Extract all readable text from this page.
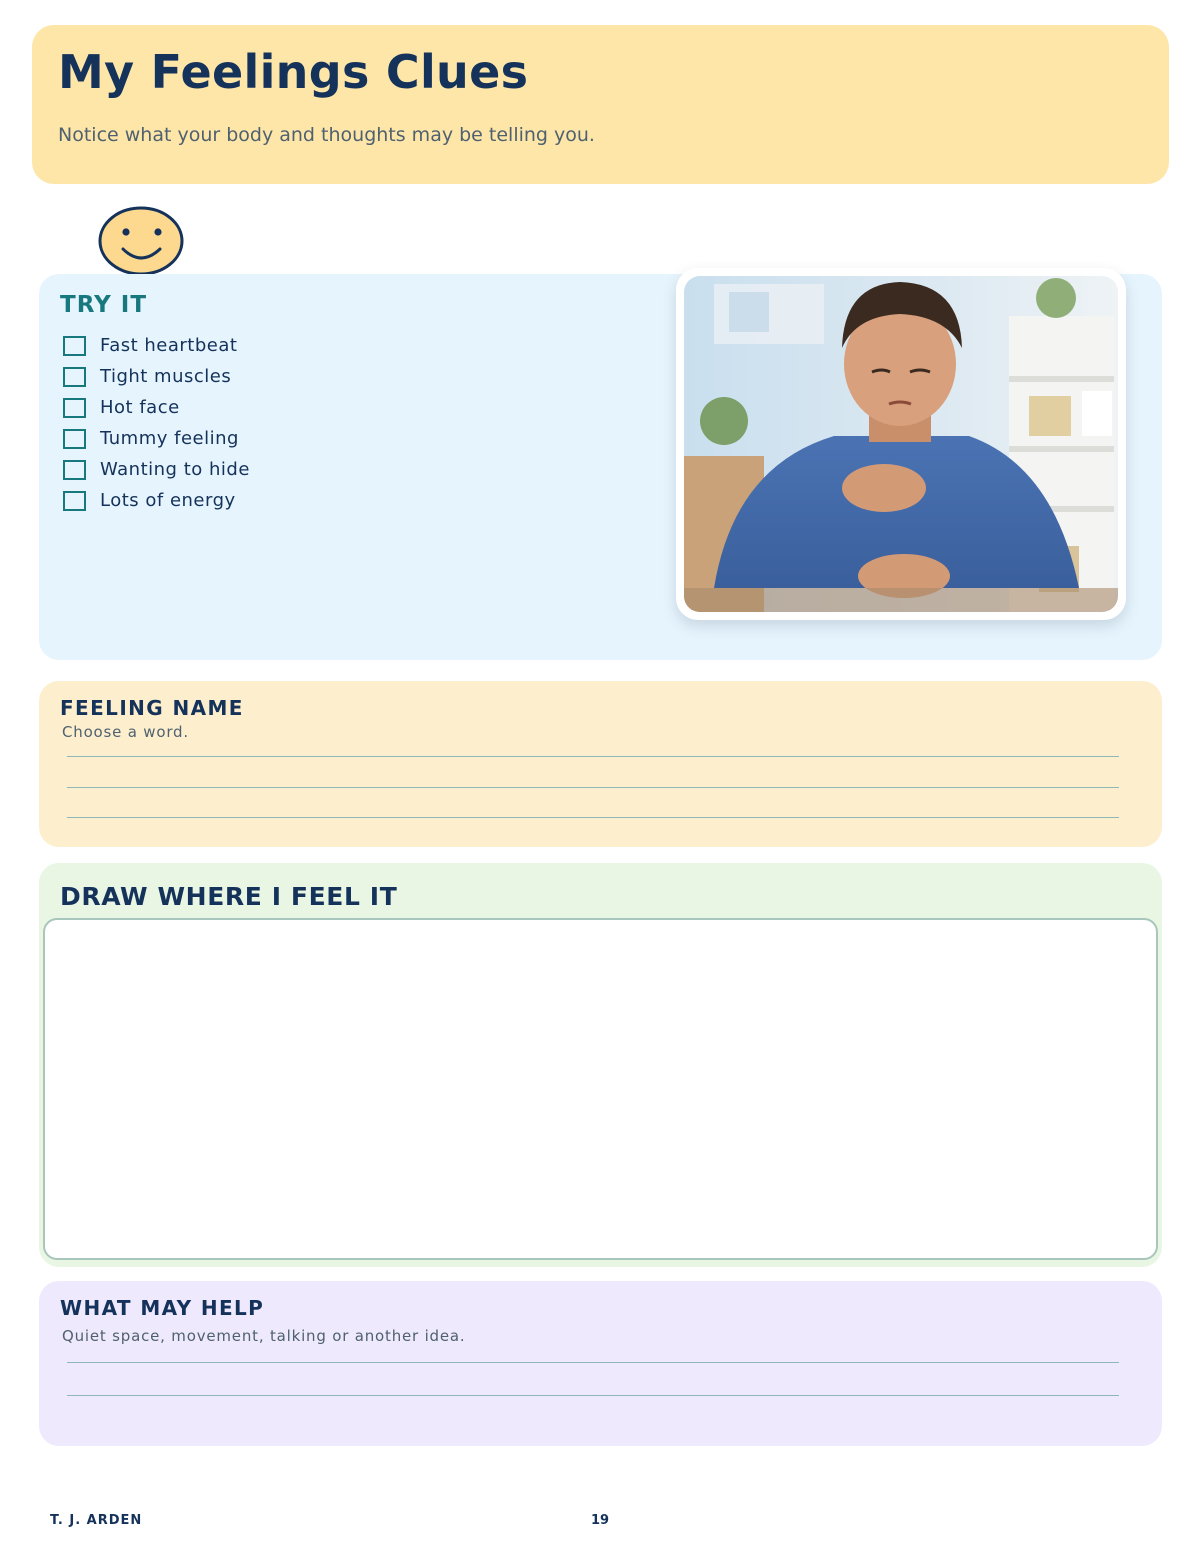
My Feelings Clues

Notice what your body and thoughts may be telling you.

TRY IT
Fast heartbeat
Tight muscles
Hot face
Tummy feeling
Wanting to hide
Lots of energy
FEELING NAME
Choose a word.
DRAW WHERE I FEEL IT
WHAT MAY HELP
Quiet space, movement, talking or another idea.
T. J. ARDEN	19
